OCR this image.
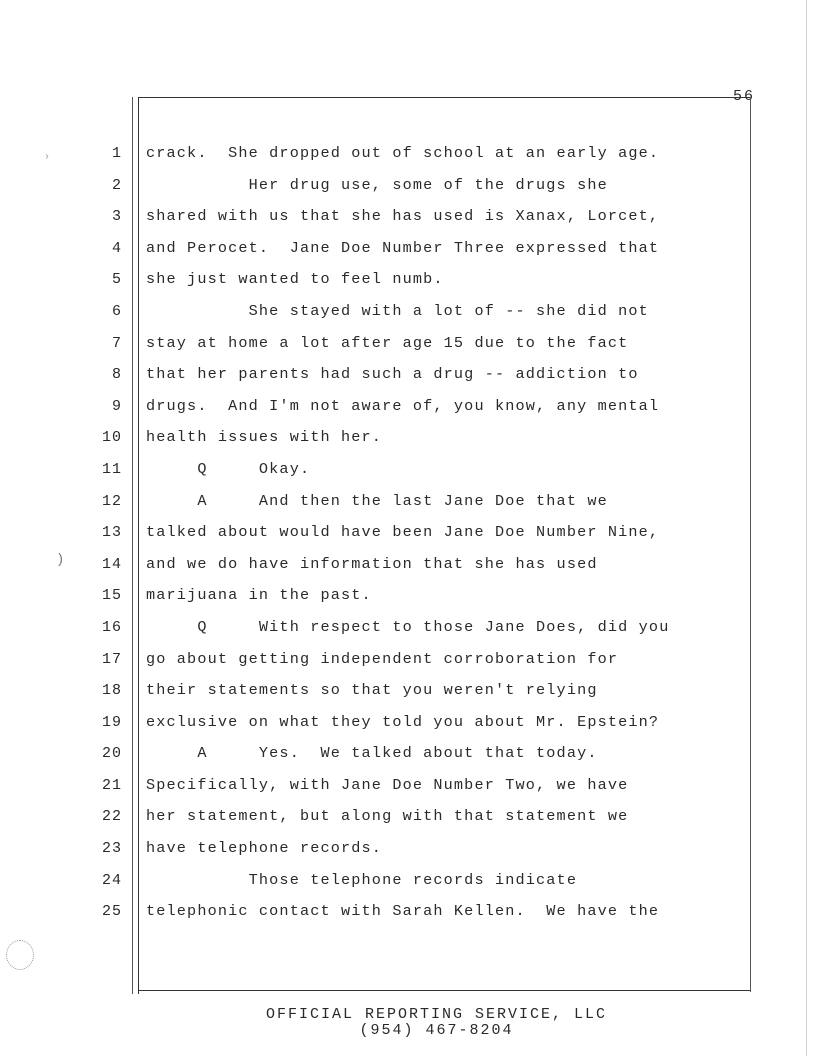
›
)
56
1 crack.  She dropped out of school at an early age.
2 Her drug use, some of the drugs she
3 shared with us that she has used is Xanax, Lorcet,
4 and Perocet.  Jane Doe Number Three expressed that
5 she just wanted to feel numb.
6 She stayed with a lot of -- she did not
7 stay at home a lot after age 15 due to the fact
8 that her parents had such a drug -- addiction to
9 drugs.  And I'm not aware of, you know, any mental
10 health issues with her.
11 Q     Okay.
12 A     And then the last Jane Doe that we
13 talked about would have been Jane Doe Number Nine,
14 and we do have information that she has used
15 marijuana in the past.
16 Q     With respect to those Jane Does, did you
17 go about getting independent corroboration for
18 their statements so that you weren't relying
19 exclusive on what they told you about Mr. Epstein?
20 A     Yes.  We talked about that today.
21 Specifically, with Jane Doe Number Two, we have
22 her statement, but along with that statement we
23 have telephone records.
24 Those telephone records indicate
25 telephonic contact with Sarah Kellen.  We have the
OFFICIAL REPORTING SERVICE, LLC
(954) 467-8204
